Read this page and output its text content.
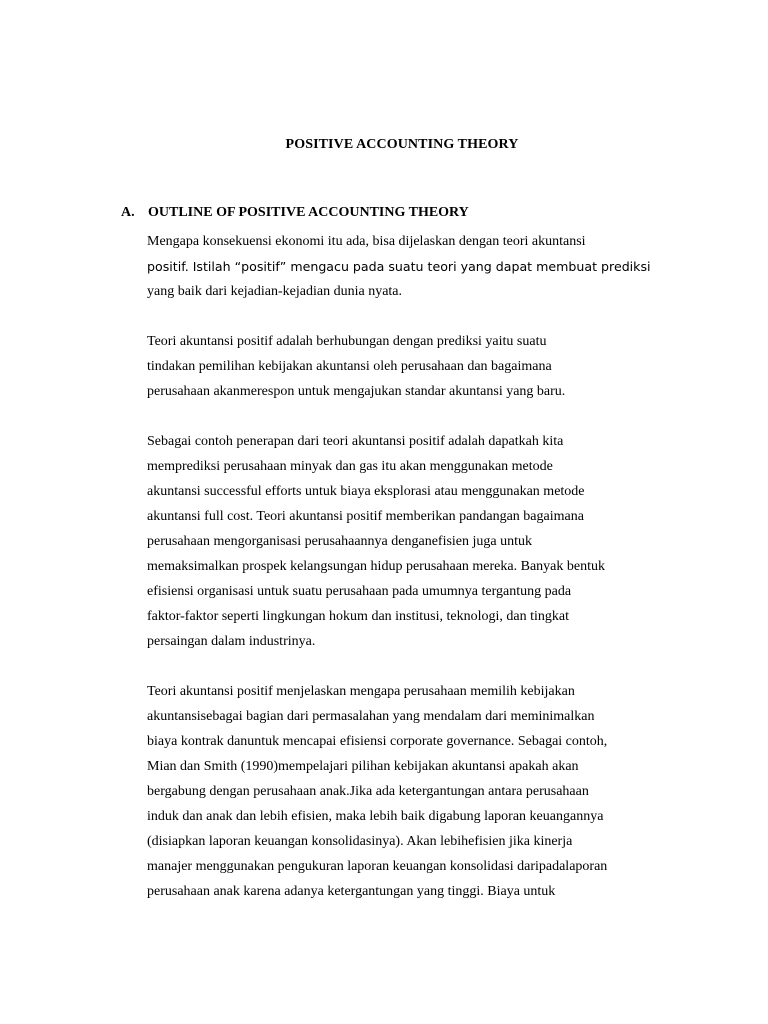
POSITIVE ACCOUNTING THEORY
A. OUTLINE OF POSITIVE ACCOUNTING THEORY
Mengapa konsekuensi ekonomi itu ada, bisa dijelaskan dengan teori akuntansi
positif. Istilah “positif” mengacu pada suatu teori yang dapat membuat prediksi
yang baik dari kejadian-kejadian dunia nyata.
Teori akuntansi positif adalah berhubungan dengan prediksi yaitu suatu
tindakan pemilihan kebijakan akuntansi oleh perusahaan dan bagaimana
perusahaan akanmerespon untuk mengajukan standar akuntansi yang baru.
Sebagai contoh penerapan dari teori akuntansi positif adalah dapatkah kita
memprediksi perusahaan minyak dan gas itu akan menggunakan metode
akuntansi successful efforts untuk biaya eksplorasi atau menggunakan metode
akuntansi full cost. Teori akuntansi positif memberikan pandangan bagaimana
perusahaan mengorganisasi perusahaannya denganefisien juga untuk
memaksimalkan prospek kelangsungan hidup perusahaan mereka. Banyak bentuk
efisiensi organisasi untuk suatu perusahaan pada umumnya tergantung pada
faktor-faktor seperti lingkungan hokum dan institusi, teknologi, dan tingkat
persaingan dalam industrinya.
Teori akuntansi positif menjelaskan mengapa perusahaan memilih kebijakan
akuntansisebagai bagian dari permasalahan yang mendalam dari meminimalkan
biaya kontrak danuntuk mencapai efisiensi corporate governance. Sebagai contoh,
Mian dan Smith (1990)mempelajari pilihan kebijakan akuntansi apakah akan
bergabung dengan perusahaan anak.Jika ada ketergantungan antara perusahaan
induk dan anak dan lebih efisien, maka lebih baik digabung laporan keuangannya
(disiapkan laporan keuangan konsolidasinya). Akan lebihefisien jika kinerja
manajer menggunakan pengukuran laporan keuangan konsolidasi daripadalaporan
perusahaan anak karena adanya ketergantungan yang tinggi. Biaya untuk
